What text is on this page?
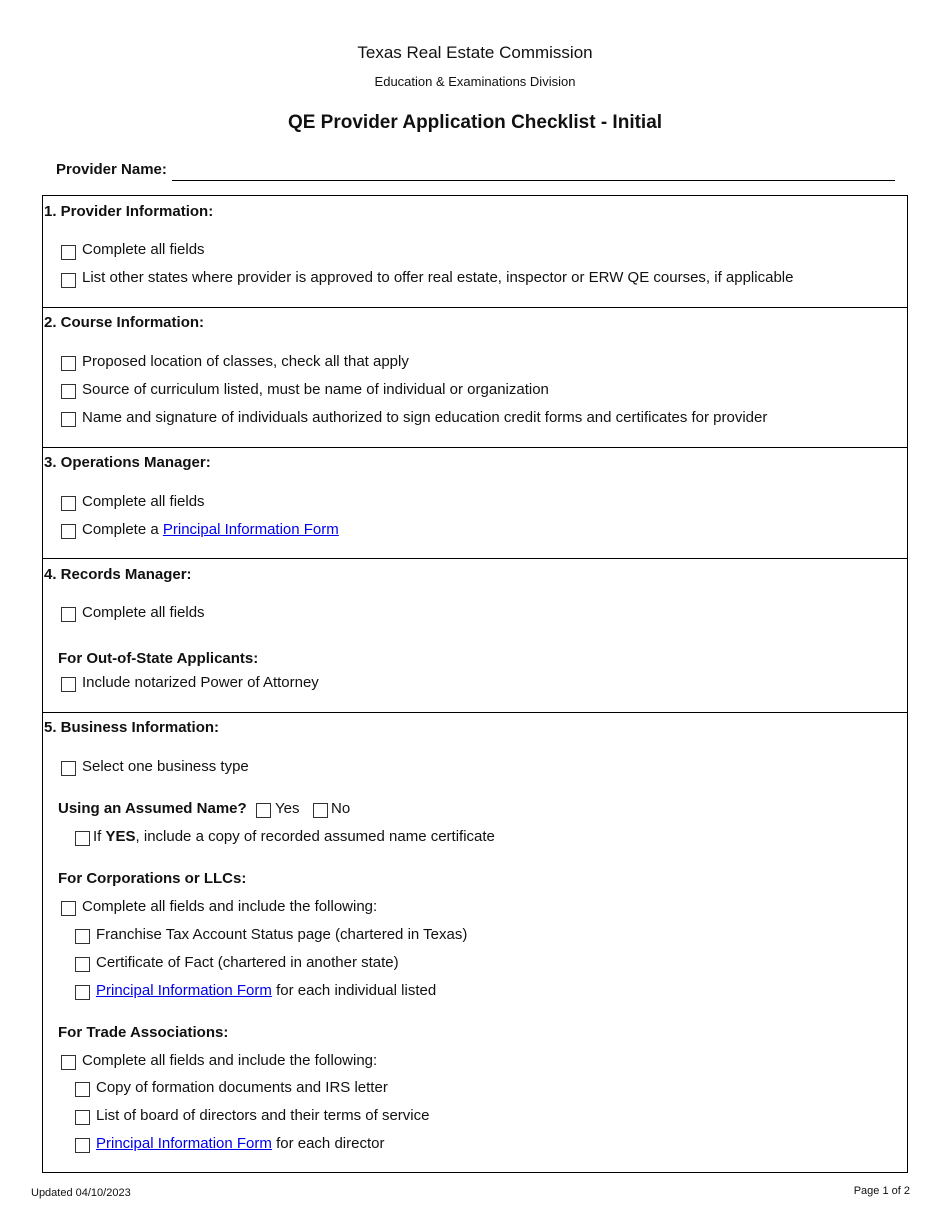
Texas Real Estate Commission
Education & Examinations Division
QE Provider Application Checklist - Initial
Provider Name:
1. Provider Information:
Complete all fields
List other states where provider is approved to offer real estate, inspector or ERW QE courses, if applicable
2. Course Information:
Proposed location of classes, check all that apply
Source of curriculum listed, must be name of individual or organization
Name and signature of individuals authorized to sign education credit forms and certificates for provider
3. Operations Manager:
Complete all fields
Complete a Principal Information Form
4. Records Manager:
Complete all fields
For Out-of-State Applicants:
Include notarized Power of Attorney
5. Business Information:
Select one business type
Using an Assumed Name? Yes No
If YES, include a copy of recorded assumed name certificate
For Corporations or LLCs:
Complete all fields and include the following:
Franchise Tax Account Status page (chartered in Texas)
Certificate of Fact (chartered in another state)
Principal Information Form for each individual listed
For Trade Associations:
Complete all fields and include the following:
Copy of formation documents and IRS letter
List of board of directors and their terms of service
Principal Information Form for each director
Updated 04/10/2023	Page 1 of 2
